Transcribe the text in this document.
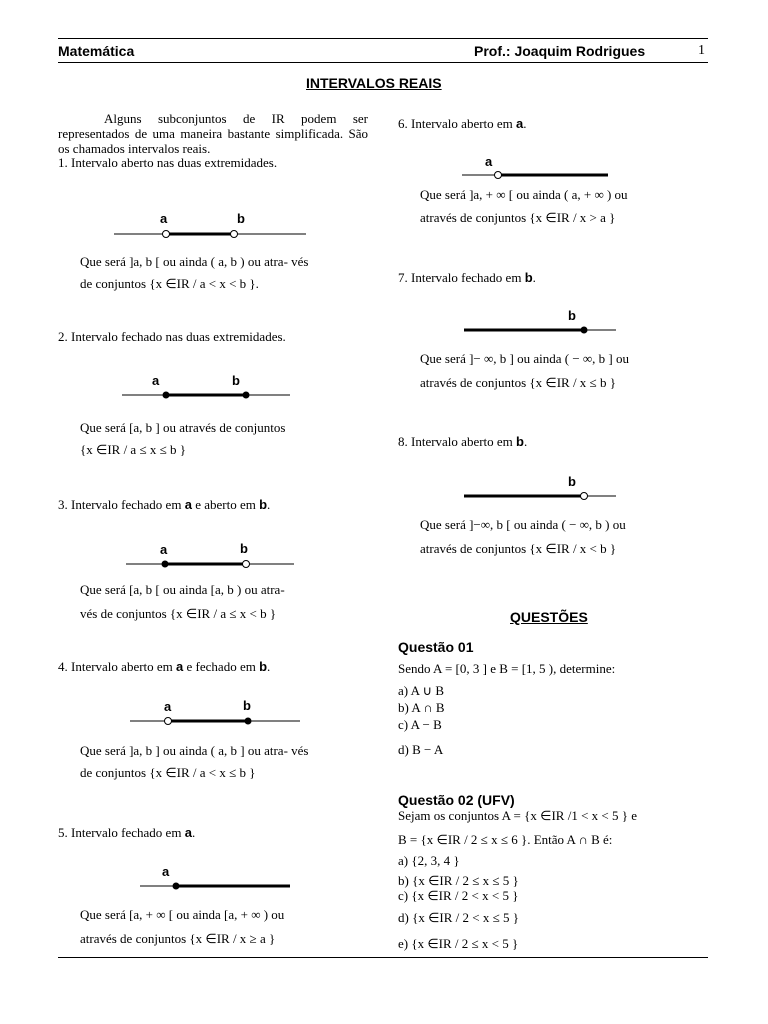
Matemática	Prof.: Joaquim Rodrigues	1
INTERVALOS REAIS
Alguns subconjuntos de IR podem ser representados de uma maneira bastante simplificada. São os chamados intervalos reais.
1. Intervalo aberto nas duas extremidades.
a	b
Que será ]a, b [ ou ainda ( a, b ) ou atra- vés
de conjuntos {x ∈IR / a < x < b }.
2. Intervalo fechado nas duas extremidades.
a	b
Que será [a, b ] ou através de conjuntos
{x ∈IR / a ≤ x ≤ b }
3. Intervalo fechado em a e aberto em b.
a	b
Que será [a, b [ ou ainda [a, b ) ou atra-
vés de conjuntos {x ∈IR / a ≤ x < b }
4. Intervalo aberto em a e fechado em b.
a	b
Que será ]a, b ] ou ainda ( a, b ] ou atra- vés
de conjuntos {x ∈IR / a < x ≤ b }
5. Intervalo fechado em a.
a
Que será [a, + ∞ [ ou ainda [a, + ∞ ) ou
através de conjuntos {x ∈IR / x ≥ a }
6. Intervalo aberto em a.
a
Que será ]a, + ∞ [ ou ainda ( a, + ∞ ) ou
através de conjuntos {x ∈IR / x > a }
7. Intervalo fechado em b.
b
Que será ]− ∞, b ] ou ainda ( − ∞, b ] ou
através de conjuntos {x ∈IR / x ≤ b }
8. Intervalo aberto em b.
b
Que será ]−∞, b [ ou ainda ( − ∞, b ) ou
através de conjuntos {x ∈IR / x < b }
QUESTÕES
Questão 01
Sendo A = [0, 3 ] e B = [1, 5 ), determine:
a) A ∪ B
b) A ∩ B
c) A − B
d) B − A
Questão 02 (UFV)
Sejam os conjuntos A = {x ∈IR /1 < x < 5 } e
B = {x ∈IR / 2 ≤ x ≤ 6 }. Então A ∩ B é:
a) {2, 3, 4 }
b) {x ∈IR / 2 ≤ x ≤ 5 }
c) {x ∈IR / 2 < x < 5 }
d) {x ∈IR / 2 < x ≤ 5 }
e) {x ∈IR / 2 ≤ x < 5 }
